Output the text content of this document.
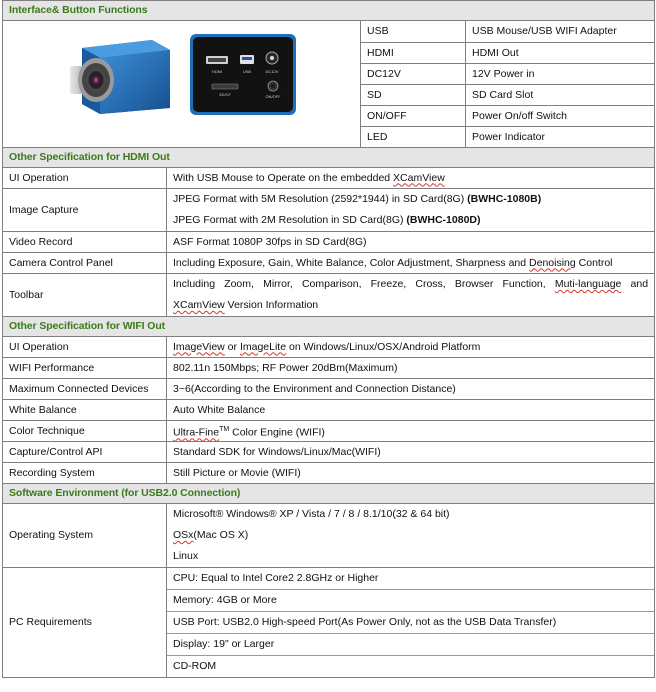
Interface& Button Functions			

HDMI USB DC12V
SD/CF ON/OFF		USB	USB Mouse/USB WIFI Adapter
		HDMI	HDMI Out
		DC12V	12V Power in
		SD	SD Card Slot
		ON/OFF	Power On/off Switch
		LED	Power Indicator
Other Specification for HDMI Out			
UI Operation	With USB Mouse to Operate on the embedded XCamView		
Image Capture	JPEG Format with 5M Resolution (2592*1944) in SD Card(8G) (BWHC-1080B)
JPEG Format with 2M Resolution in SD Card(8G) (BWHC-1080D)		

Video Record	ASF Format 1080P 30fps in SD Card(8G)		
Camera Control Panel	Including Exposure, Gain, White Balance, Color Adjustment, Sharpness and Denoising Control		
Toolbar	Including Zoom, Mirror, Comparison, Freeze, Cross, Browser Function, Muti-language and
XCamView Version Information		

Other Specification for WIFI Out			
UI Operation	ImageView or ImageLite on Windows/Linux/OSX/Android Platform		
WIFI Performance	802.11n 150Mbps; RF Power 20dBm(Maximum)		
Maximum Connected Devices	3~6(According to the Environment and Connection Distance)		
White Balance	Auto White Balance		
Color Technique	Ultra-Fine™ Color Engine (WIFI)		
Capture/Control API	Standard SDK for Windows/Linux/Mac(WIFI)		
Recording System	Still Picture or Movie (WIFI)		
Software Environment (for USB2.0 Connection)			
Operating System	Microsoft® Windows® XP / Vista / 7 / 8 / 8.1/10(32 & 64 bit)
OSx(Mac OS X)
Linux		

PC Requirements	CPU: Equal to Intel Core2 2.8GHz or Higher
Memory: 4GB or More
USB Port: USB2.0 High-speed Port(As Power Only, not as the USB Data Transfer)
Display: 19" or Larger
CD-ROM		
